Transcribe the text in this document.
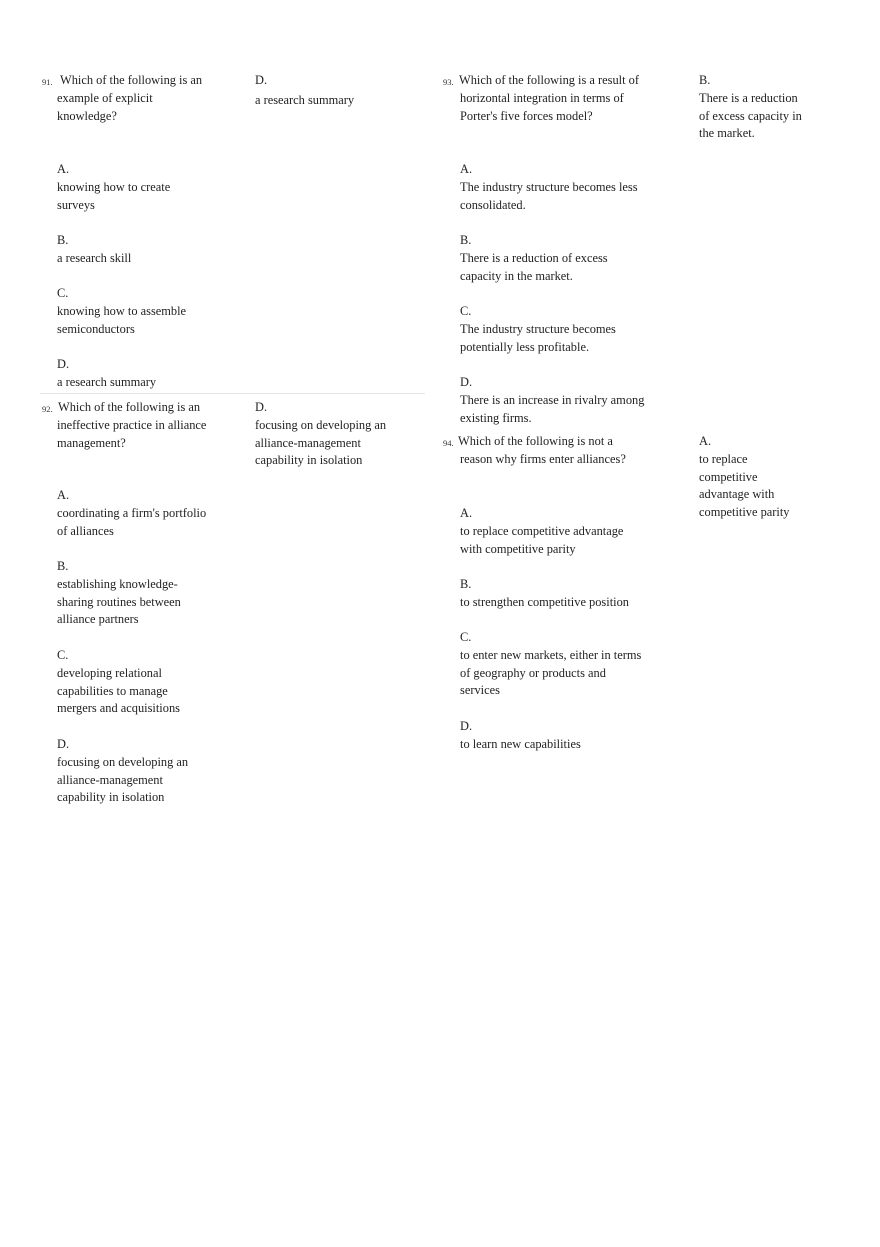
91. Which of the following is an
example of explicit
knowledge?
D.
a research summary
A.
knowing how to create
surveys
B.
a research skill
C.
knowing how to assemble
semiconductors
D.
a research summary
92. Which of the following is an
ineffective practice in alliance
management?
D.
focusing on developing an
alliance-management
capability in isolation
A.
coordinating a firm's portfolio
of alliances
B.
establishing knowledge-
sharing routines between
alliance partners
C.
developing relational
capabilities to manage
mergers and acquisitions
D.
focusing on developing an
alliance-management
capability in isolation
93. Which of the following is a result of
horizontal integration in terms of
Porter's five forces model?
B.
There is a reduction
of excess capacity in
the market.
A.
The industry structure becomes less
consolidated.
B.
There is a reduction of excess
capacity in the market.
C.
The industry structure becomes
potentially less profitable.
D.
There is an increase in rivalry among
existing firms.
94. Which of the following is not a
reason why firms enter alliances?
A.
to replace
competitive
advantage with
competitive parity
A.
to replace competitive advantage
with competitive parity
B.
to strengthen competitive position
C.
to enter new markets, either in terms
of geography or products and
services
D.
to learn new capabilities
